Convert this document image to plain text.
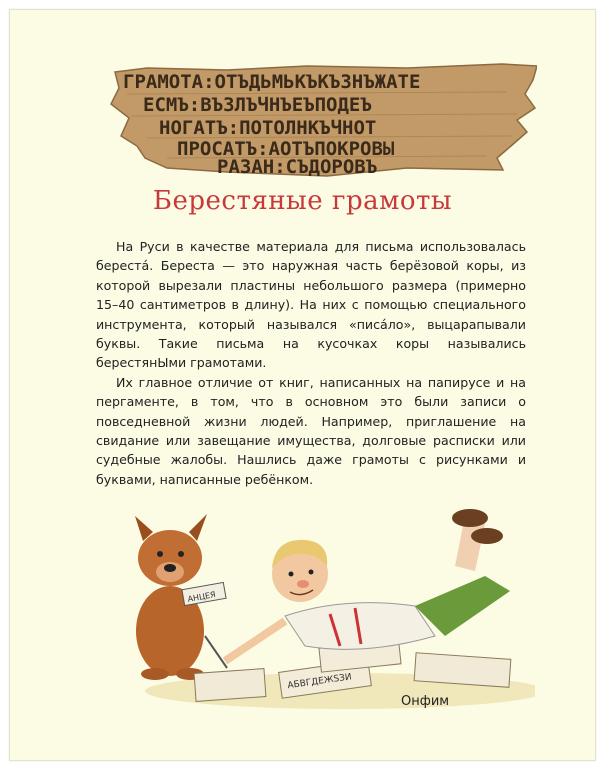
ГРАМОТА:ОТЪДЬМЬКЪКЪЗНЪЖАТЕ
ЕСМЪ:ВЪЗЛЪЧНЪЕЪПОДЕЪ
НОГАТЪ:ПОТОЛНКЪЧНОТ
ПРОСАТЪ:АОТЪПОКРОВЫ
РАЗАН:СЪДОРОВЪ
Берестяные грамоты

На Руси в качестве материала для письма использовалась берестá. Береста — это наружная часть берёзовой коры, из которой вырезали пластины небольшого размера (примерно 15–40 сантиметров в длину). На них с помощью специального инструмента, который назывался «писáло», выцарапывали буквы. Такие письма на кусочках коры назывались берестянЫми грамотами.

Их главное отличие от книг, написанных на папирусе и на пергаменте, в том, что в основном это были записи о повседневной жизни людей. Например, приглашение на свидание или завещание имущества, долговые расписки или судебные жалобы. Нашлись даже грамоты с рисунками и буквами, написанные ребёнком.

АНЦЕЯ
АБВГДЕЖЅЗИ
Онфим
